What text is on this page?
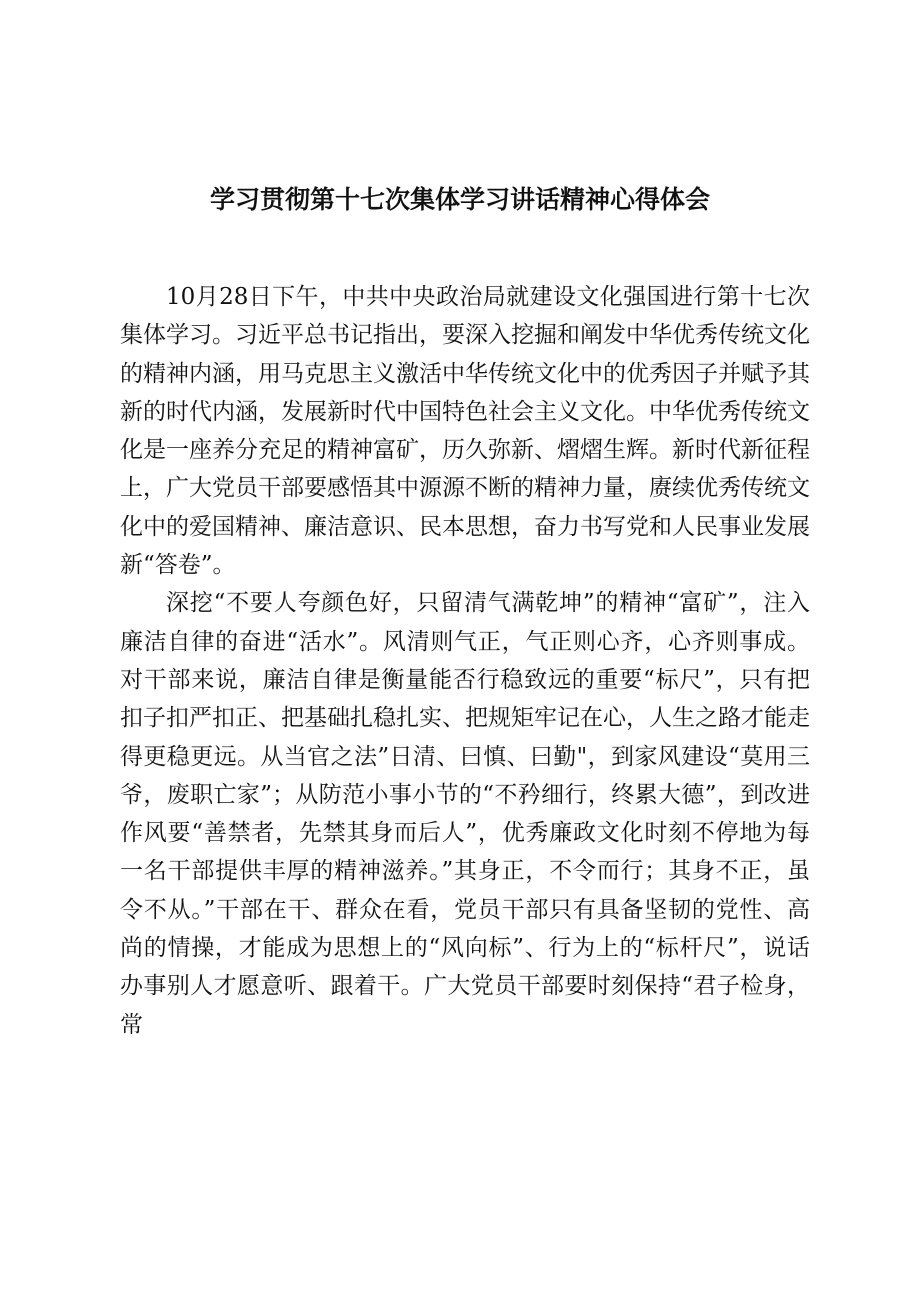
学习贯彻第十七次集体学习讲话精神心得体会

10月28日下午，中共中央政治局就建设文化强国进行第十七次集体学习。习近平总书记指出，要深入挖掘和阐发中华优秀传统文化的精神内涵，用马克思主义激活中华传统文化中的优秀因子并赋予其新的时代内涵，发展新时代中国特色社会主义文化。中华优秀传统文化是一座养分充足的精神富矿，历久弥新、熠熠生辉。新时代新征程上，广大党员干部要感悟其中源源不断的精神力量，赓续优秀传统文化中的爱国精神、廉洁意识、民本思想，奋力书写党和人民事业发展新“答卷”。

深挖“不要人夸颜色好，只留清气满乾坤”的精神“富矿”，注入廉洁自律的奋进“活水”。风清则气正，气正则心齐，心齐则事成。对干部来说，廉洁自律是衡量能否行稳致远的重要“标尺”，只有把扣子扣严扣正、把基础扎稳扎实、把规矩牢记在心，人生之路才能走得更稳更远。从当官之法”日清、曰慎、曰勤"，到家风建设“莫用三爷，废职亡家”；从防范小事小节的“不矜细行，终累大德”，到改进作风要“善禁者，先禁其身而后人”，优秀廉政文化时刻不停地为每一名干部提供丰厚的精神滋养。”其身正，不令而行；其身不正，虽令不从。”干部在干、群众在看，党员干部只有具备坚韧的党性、高尚的情操，才能成为思想上的“风向标”、行为上的“标杆尺”，说话办事别人才愿意听、跟着干。广大党员干部要时刻保持“君子检身，常
